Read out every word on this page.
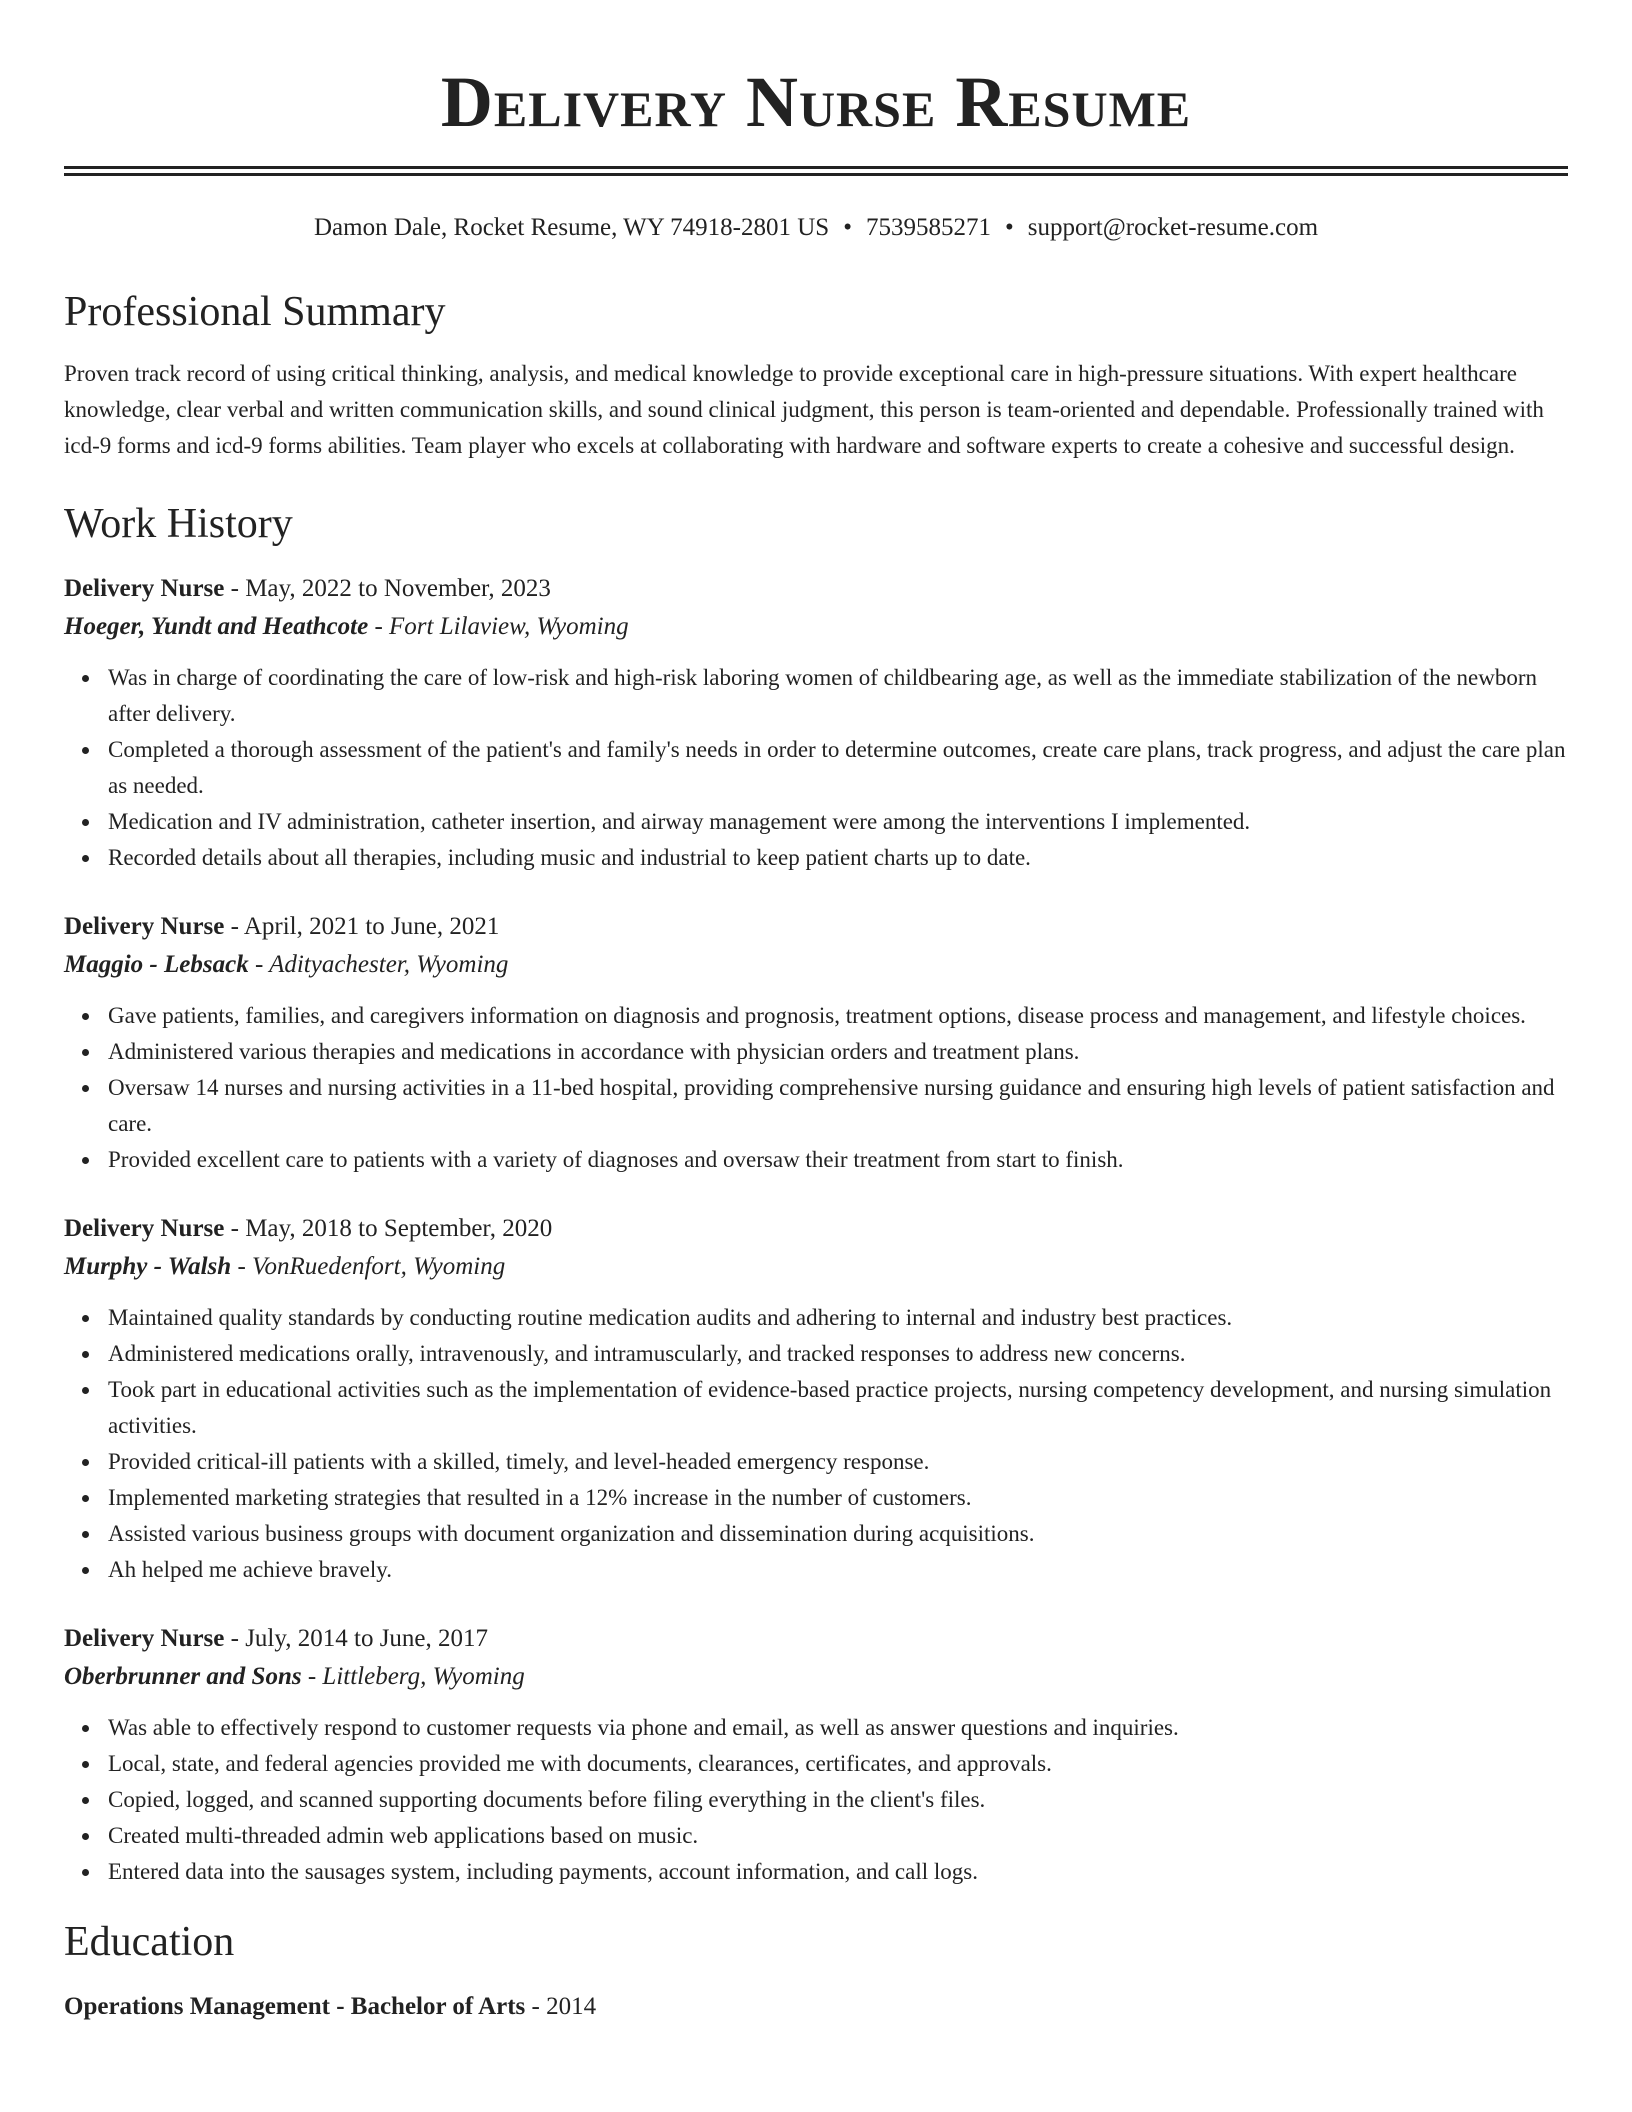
Delivery Nurse Resume
Damon Dale, Rocket Resume, WY 74918-2801 US • 7539585271 • support@rocket-resume.com
Professional Summary

Proven track record of using critical thinking, analysis, and medical knowledge to provide exceptional care in high-pressure situations. With expert healthcare knowledge, clear verbal and written communication skills, and sound clinical judgment, this person is team-oriented and dependable. Professionally trained with icd-9 forms and icd-9 forms abilities. Team player who excels at collaborating with hardware and software experts to create a cohesive and successful design.

Work History
Delivery Nurse - May, 2022 to November, 2023
Hoeger, Yundt and Heathcote - Fort Lilaview, Wyoming
Was in charge of coordinating the care of low-risk and high-risk laboring women of childbearing age, as well as the immediate stabilization of the newborn after delivery.
Completed a thorough assessment of the patient's and family's needs in order to determine outcomes, create care plans, track progress, and adjust the care plan as needed.
Medication and IV administration, catheter insertion, and airway management were among the interventions I implemented.
Recorded details about all therapies, including music and industrial to keep patient charts up to date.
Delivery Nurse - April, 2021 to June, 2021
Maggio - Lebsack - Adityachester, Wyoming
Gave patients, families, and caregivers information on diagnosis and prognosis, treatment options, disease process and management, and lifestyle choices.
Administered various therapies and medications in accordance with physician orders and treatment plans.
Oversaw 14 nurses and nursing activities in a 11-bed hospital, providing comprehensive nursing guidance and ensuring high levels of patient satisfaction and care.
Provided excellent care to patients with a variety of diagnoses and oversaw their treatment from start to finish.
Delivery Nurse - May, 2018 to September, 2020
Murphy - Walsh - VonRuedenfort, Wyoming
Maintained quality standards by conducting routine medication audits and adhering to internal and industry best practices.
Administered medications orally, intravenously, and intramuscularly, and tracked responses to address new concerns.
Took part in educational activities such as the implementation of evidence-based practice projects, nursing competency development, and nursing simulation activities.
Provided critical-ill patients with a skilled, timely, and level-headed emergency response.
Implemented marketing strategies that resulted in a 12% increase in the number of customers.
Assisted various business groups with document organization and dissemination during acquisitions.
Ah helped me achieve bravely.
Delivery Nurse - July, 2014 to June, 2017
Oberbrunner and Sons - Littleberg, Wyoming
Was able to effectively respond to customer requests via phone and email, as well as answer questions and inquiries.
Local, state, and federal agencies provided me with documents, clearances, certificates, and approvals.
Copied, logged, and scanned supporting documents before filing everything in the client's files.
Created multi-threaded admin web applications based on music.
Entered data into the sausages system, including payments, account information, and call logs.
Education
Operations Management - Bachelor of Arts - 2014
